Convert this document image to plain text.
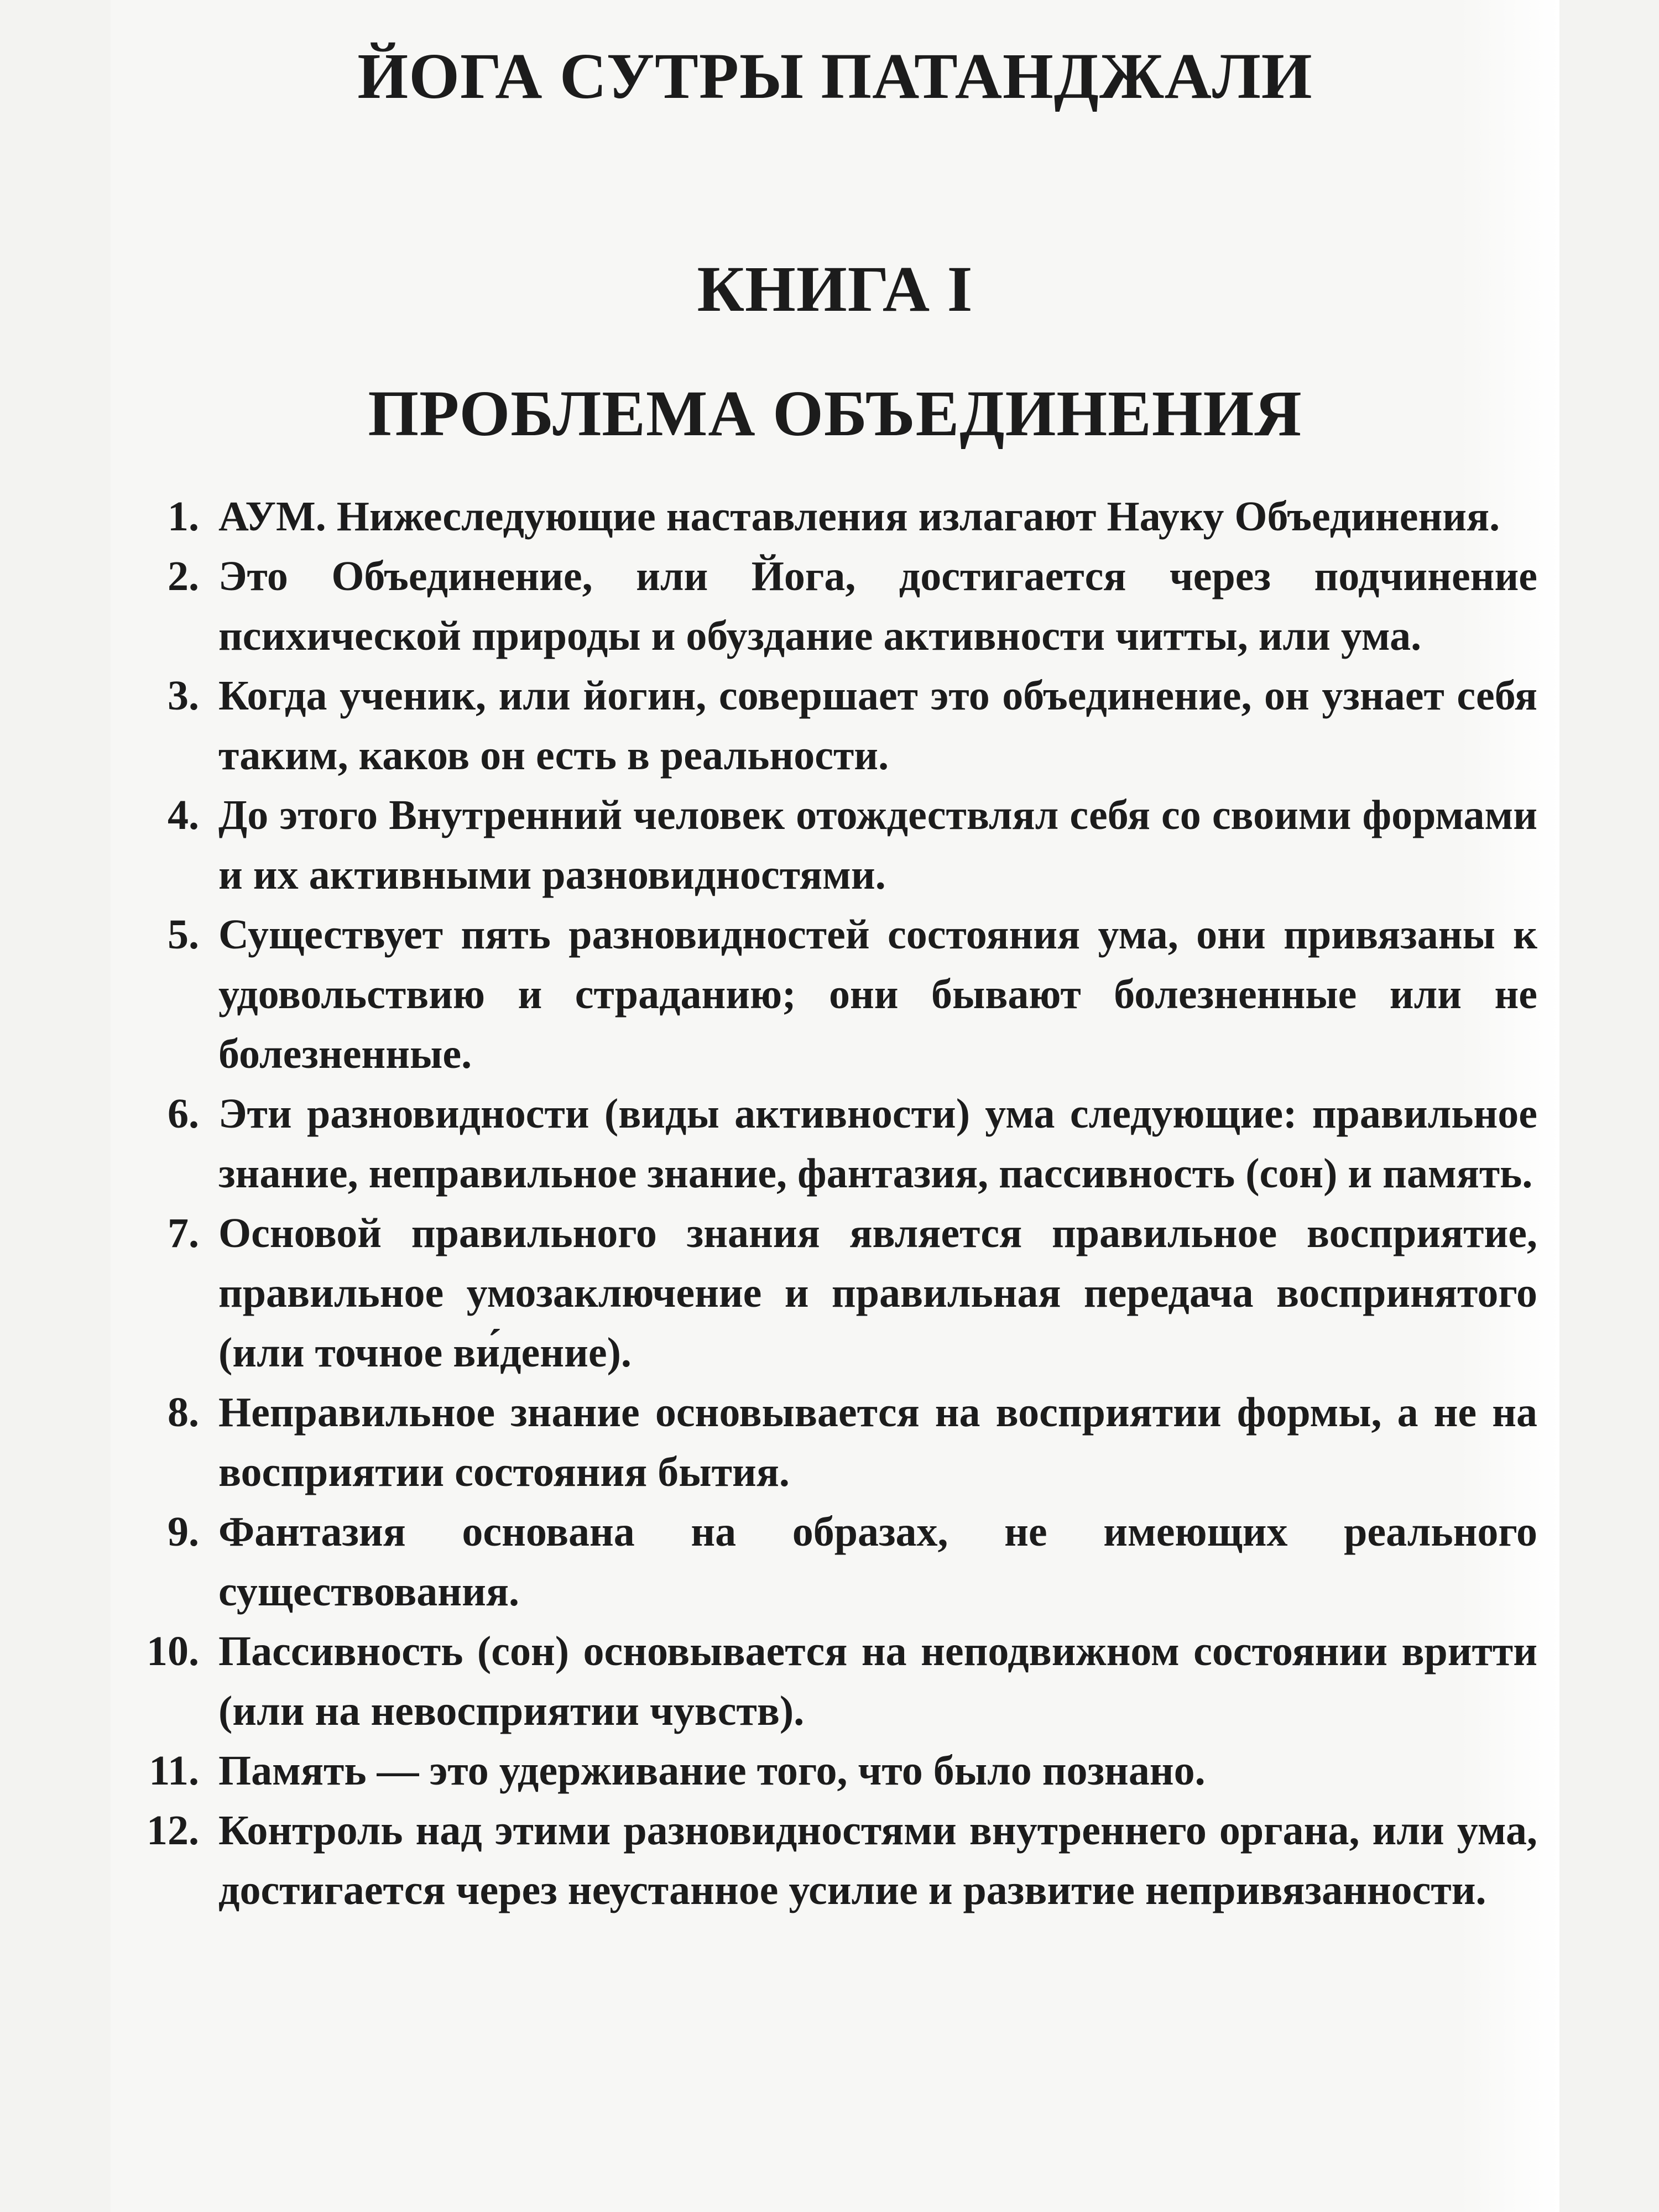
ЙОГА СУТРЫ ПАТАНДЖАЛИ
КНИГА I
ПРОБЛЕМА ОБЪЕДИНЕНИЯ
1. АУМ. Нижеследующие наставления излагают Науку Объединения.
2. Это Объединение, или Йога, достигается через подчинение психической природы и обуздание активности читты, или ума.
3. Когда ученик, или йогин, совершает это объединение, он узнает себя таким, каков он есть в реальности.
4. До этого Внутренний человек отождествлял себя со своими формами и их активными разновидностями.
5. Существует пять разновидностей состояния ума, они привязаны к удовольствию и страданию; они бывают болезненные или не болезненные.
6. Эти разновидности (виды активности) ума следующие: правильное знание, неправильное знание, фантазия, пассивность (сон) и память.
7. Основой правильного знания является правильное восприятие, правильное умозаключение и правильная передача воспринятого (или точное ви́дение).
8. Неправильное знание основывается на восприятии формы, а не на восприятии состояния бытия.
9. Фантазия основана на образах, не имеющих реального существования.
10. Пассивность (сон) основывается на неподвижном состоянии вритти (или на невосприятии чувств).
11. Память — это удерживание того, что было познано.
12. Контроль над этими разновидностями внутреннего органа, или ума, достигается через неустанное усилие и развитие непривязанности.
